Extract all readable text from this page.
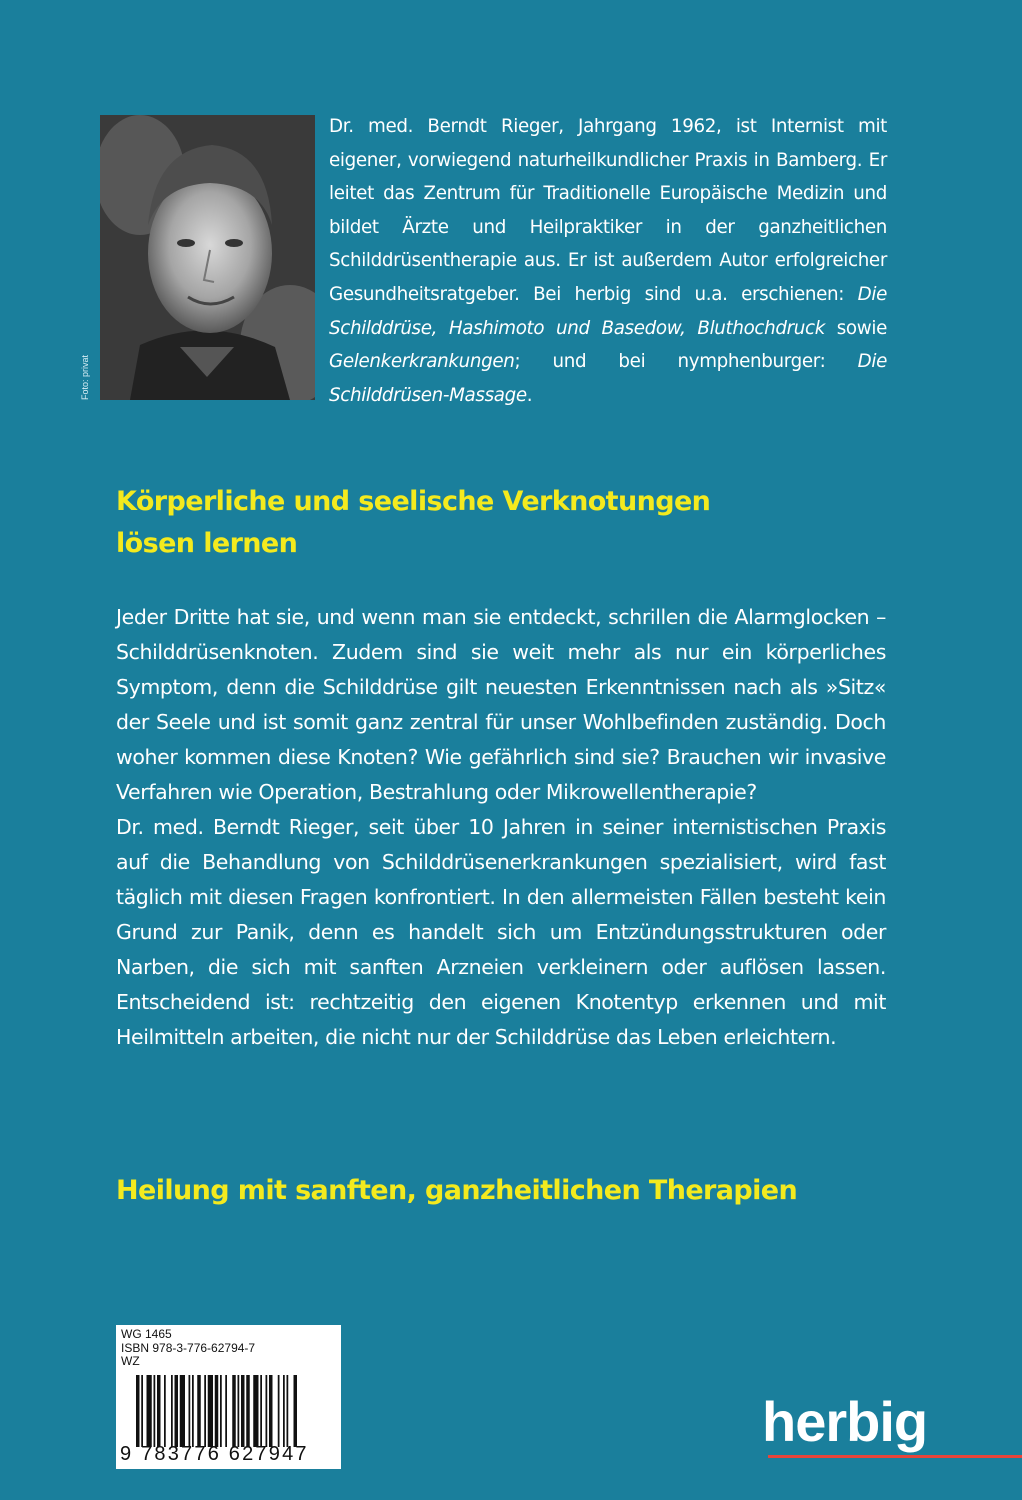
Foto: privat

Dr. med. Berndt Rieger, Jahrgang 1962, ist Internist mit eigener, vorwiegend naturheilkundlicher Praxis in Bamberg. Er leitet das Zentrum für Traditionelle Europäische Medizin und bildet Ärzte und Heilpraktiker in der ganzheitlichen Schilddrüsentherapie aus. Er ist außerdem Autor erfolgreicher Gesundheitsratgeber. Bei herbig sind u.a. erschienen: Die Schilddrüse, Hashimoto und Basedow, Bluthochdruck sowie Gelenkerkrankungen; und bei nymphenburger: Die Schilddrüsen-Massage.

Körperliche und seelische Verknotungen
lösen lernen

Jeder Dritte hat sie, und wenn man sie entdeckt, schrillen die Alarmglocken – Schilddrüsenknoten. Zudem sind sie weit mehr als nur ein körperliches Symptom, denn die Schilddrüse gilt neuesten Erkenntnissen nach als »Sitz« der Seele und ist somit ganz zentral für unser Wohlbefinden zuständig. Doch woher kommen diese Knoten? Wie gefährlich sind sie? Brauchen wir invasive Verfahren wie Operation, Bestrahlung oder Mikrowellentherapie?

Dr. med. Berndt Rieger, seit über 10 Jahren in seiner internistischen Praxis auf die Behandlung von Schilddrüsenerkrankungen spezialisiert, wird fast täglich mit diesen Fragen konfrontiert. In den allermeisten Fällen besteht kein Grund zur Panik, denn es handelt sich um Entzündungsstrukturen oder Narben, die sich mit sanften Arzneien verkleinern oder auflösen lassen. Entscheidend ist: rechtzeitig den eigenen Knotentyp erkennen und mit Heilmitteln arbeiten, die nicht nur der Schilddrüse das Leben erleichtern.

Heilung mit sanften, ganzheitlichen Therapien
WG 1465
ISBN 978-3-776-62794-7
WZ
9 783776 627947
herbig
